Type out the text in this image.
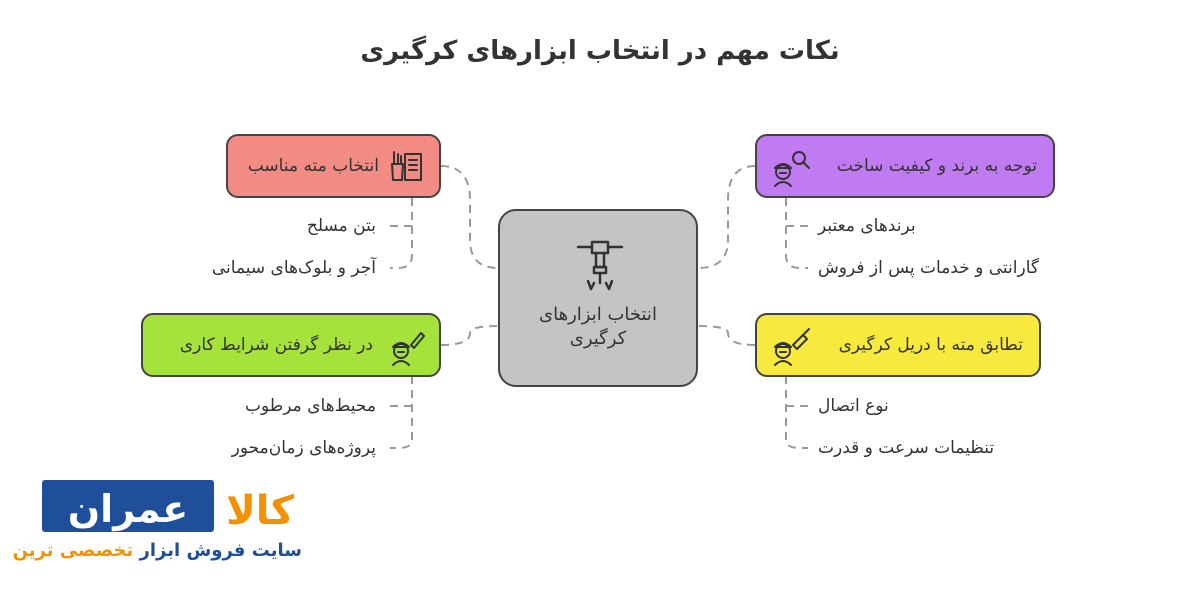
نکات مهم در انتخاب ابزارهای کرگیری
انتخاب ابزارهای
کرگیری
انتخاب مته مناسب
بتن مسلح
آجر و بلوک‌های سیمانی
در نظر گرفتن شرایط کاری
محیط‌های مرطوب
پروژه‌های زمان‌محور
توجه به برند و کیفیت ساخت
برندهای معتبر
گارانتی و خدمات پس از فروش
تطابق مته با دریل کرگیری
نوع اتصال
تنظیمات سرعت و قدرت
عمران کالا
سایت فروش ابزار تخصصی ترین
